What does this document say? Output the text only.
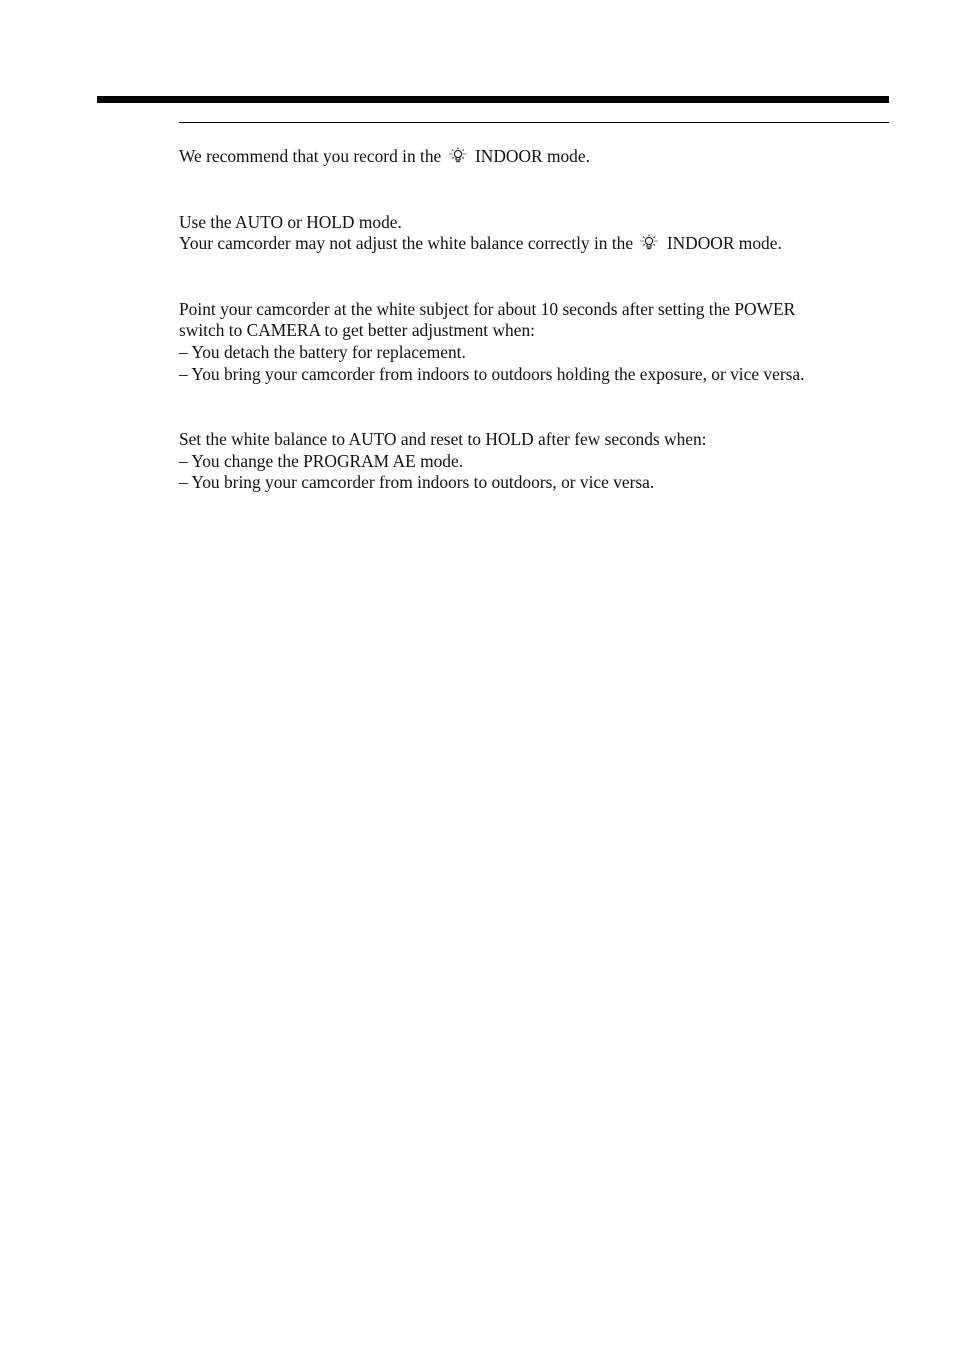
We recommend that you record in the INDOOR mode.
Use the AUTO or HOLD mode.
Your camcorder may not adjust the white balance correctly in the INDOOR mode.
Point your camcorder at the white subject for about 10 seconds after setting the POWER
switch to CAMERA to get better adjustment when:
– You detach the battery for replacement.
– You bring your camcorder from indoors to outdoors holding the exposure, or vice versa.
Set the white balance to AUTO and reset to HOLD after few seconds when:
– You change the PROGRAM AE mode.
– You bring your camcorder from indoors to outdoors, or vice versa.
